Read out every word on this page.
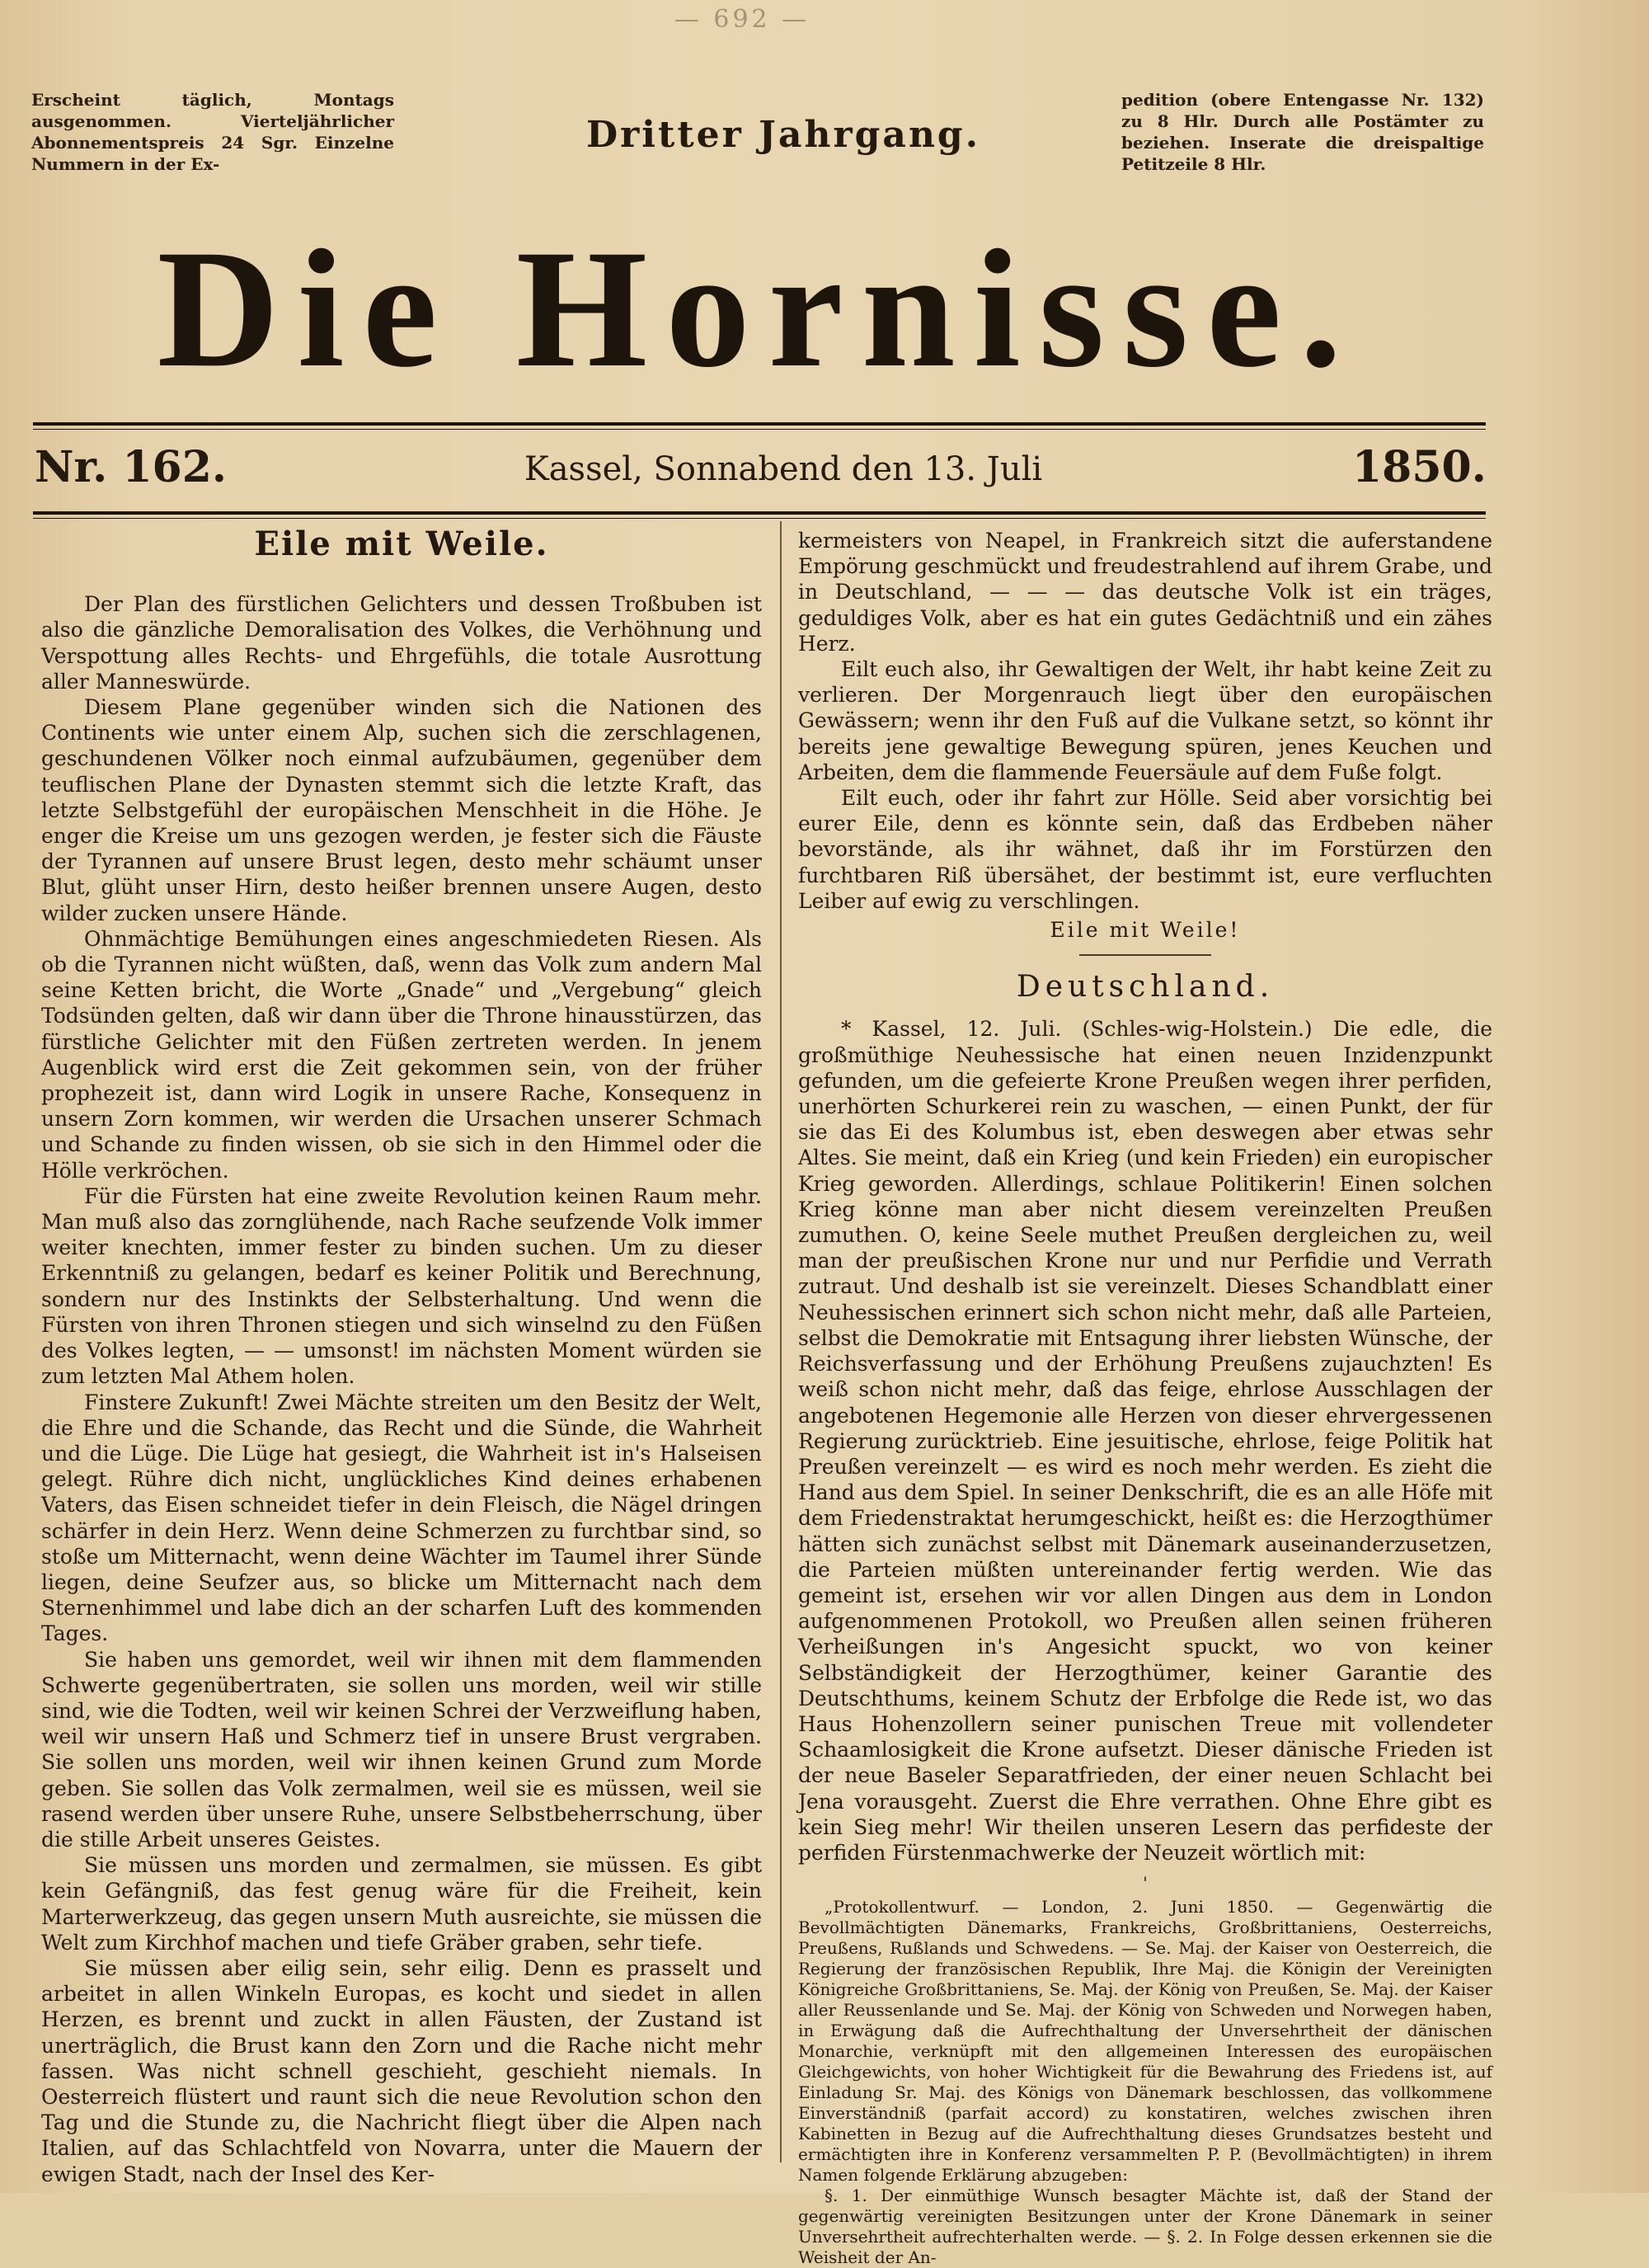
— 692 —
Erscheint täglich, Montags ausgenommen. Vierteljährlicher Abonnementspreis 24 Sgr. Einzelne Nummern in der Ex-
Dritter Jahrgang.
pedition (obere Entengasse Nr. 132) zu 8 Hlr. Durch alle Postämter zu beziehen. Inserate die dreispaltige Petitzeile 8 Hlr.
Die Hornisse.
Nr. 162.	Kassel, Sonnabend den 13. Juli	1850.
Eile mit Weile.

Der Plan des fürstlichen Gelichters und dessen Troßbuben ist also die gänzliche Demoralisation des Volkes, die Verhöhnung und Verspottung alles Rechts- und Ehrgefühls, die totale Ausrottung aller Manneswürde.

Diesem Plane gegenüber winden sich die Nationen des Continents wie unter einem Alp, suchen sich die zerschlagenen, geschundenen Völker noch einmal aufzubäumen, gegenüber dem teuflischen Plane der Dynasten stemmt sich die letzte Kraft, das letzte Selbstgefühl der europäischen Menschheit in die Höhe. Je enger die Kreise um uns gezogen werden, je fester sich die Fäuste der Tyrannen auf unsere Brust legen, desto mehr schäumt unser Blut, glüht unser Hirn, desto heißer brennen unsere Augen, desto wilder zucken unsere Hände.

Ohnmächtige Bemühungen eines angeschmiedeten Riesen. Als ob die Tyrannen nicht wüßten, daß, wenn das Volk zum andern Mal seine Ketten bricht, die Worte „Gnade“ und „Vergebung“ gleich Todsünden gelten, daß wir dann über die Throne hinausstürzen, das fürstliche Gelichter mit den Füßen zertreten werden. In jenem Augenblick wird erst die Zeit gekommen sein, von der früher prophezeit ist, dann wird Logik in unsere Rache, Konsequenz in unsern Zorn kommen, wir werden die Ursachen unserer Schmach und Schande zu finden wissen, ob sie sich in den Himmel oder die Hölle verkröchen.

Für die Fürsten hat eine zweite Revolution keinen Raum mehr. Man muß also das zornglühende, nach Rache seufzende Volk immer weiter knechten, immer fester zu binden suchen. Um zu dieser Erkenntniß zu gelangen, bedarf es keiner Politik und Berechnung, sondern nur des Instinkts der Selbsterhaltung. Und wenn die Fürsten von ihren Thronen stiegen und sich winselnd zu den Füßen des Volkes legten, — — umsonst! im nächsten Moment würden sie zum letzten Mal Athem holen.

Finstere Zukunft! Zwei Mächte streiten um den Besitz der Welt, die Ehre und die Schande, das Recht und die Sünde, die Wahrheit und die Lüge. Die Lüge hat gesiegt, die Wahrheit ist in's Halseisen gelegt. Rühre dich nicht, unglückliches Kind deines erhabenen Vaters, das Eisen schneidet tiefer in dein Fleisch, die Nägel dringen schärfer in dein Herz. Wenn deine Schmerzen zu furchtbar sind, so stoße um Mitternacht, wenn deine Wächter im Taumel ihrer Sünde liegen, deine Seufzer aus, so blicke um Mitternacht nach dem Sternenhimmel und labe dich an der scharfen Luft des kommenden Tages.

Sie haben uns gemordet, weil wir ihnen mit dem flammenden Schwerte gegenübertraten, sie sollen uns morden, weil wir stille sind, wie die Todten, weil wir keinen Schrei der Verzweiflung haben, weil wir unsern Haß und Schmerz tief in unsere Brust vergraben. Sie sollen uns morden, weil wir ihnen keinen Grund zum Morde geben. Sie sollen das Volk zermalmen, weil sie es müssen, weil sie rasend werden über unsere Ruhe, unsere Selbstbeherrschung, über die stille Arbeit unseres Geistes.

Sie müssen uns morden und zermalmen, sie müssen. Es gibt kein Gefängniß, das fest genug wäre für die Freiheit, kein Marterwerkzeug, das gegen unsern Muth ausreichte, sie müssen die Welt zum Kirchhof machen und tiefe Gräber graben, sehr tiefe.

Sie müssen aber eilig sein, sehr eilig. Denn es prasselt und arbeitet in allen Winkeln Europas, es kocht und siedet in allen Herzen, es brennt und zuckt in allen Fäusten, der Zustand ist unerträglich, die Brust kann den Zorn und die Rache nicht mehr fassen. Was nicht schnell geschieht, geschieht niemals. In Oesterreich flüstert und raunt sich die neue Revolution schon den Tag und die Stunde zu, die Nachricht fliegt über die Alpen nach Italien, auf das Schlachtfeld von Novarra, unter die Mauern der ewigen Stadt, nach der Insel des Ker-

kermeisters von Neapel, in Frankreich sitzt die auferstandene Empörung geschmückt und freudestrahlend auf ihrem Grabe, und in Deutschland, — — — das deutsche Volk ist ein träges, geduldiges Volk, aber es hat ein gutes Gedächtniß und ein zähes Herz.

Eilt euch also, ihr Gewaltigen der Welt, ihr habt keine Zeit zu verlieren. Der Morgenrauch liegt über den europäischen Gewässern; wenn ihr den Fuß auf die Vulkane setzt, so könnt ihr bereits jene gewaltige Bewegung spüren, jenes Keuchen und Arbeiten, dem die flammende Feuersäule auf dem Fuße folgt.

Eilt euch, oder ihr fahrt zur Hölle. Seid aber vorsichtig bei eurer Eile, denn es könnte sein, daß das Erdbeben näher bevorstände, als ihr wähnet, daß ihr im Forstürzen den furchtbaren Riß übersähet, der bestimmt ist, eure verfluchten Leiber auf ewig zu verschlingen.

Eile mit Weile!
Deutschland.

* Kassel, 12. Juli. (Schles-wig-Holstein.) Die edle, die großmüthige Neuhessische hat einen neuen Inzidenzpunkt gefunden, um die gefeierte Krone Preußen wegen ihrer perfiden, unerhörten Schurkerei rein zu waschen, — einen Punkt, der für sie das Ei des Kolumbus ist, eben deswegen aber etwas sehr Altes. Sie meint, daß ein Krieg (und kein Frieden) ein europischer Krieg geworden. Allerdings, schlaue Politikerin! Einen solchen Krieg könne man aber nicht diesem vereinzelten Preußen zumuthen. O, keine Seele muthet Preußen dergleichen zu, weil man der preußischen Krone nur und nur Perfidie und Verrath zutraut. Und deshalb ist sie vereinzelt. Dieses Schandblatt einer Neuhessischen erinnert sich schon nicht mehr, daß alle Parteien, selbst die Demokratie mit Entsagung ihrer liebsten Wünsche, der Reichsverfassung und der Erhöhung Preußens zujauchzten! Es weiß schon nicht mehr, daß das feige, ehrlose Ausschlagen der angebotenen Hegemonie alle Herzen von dieser ehrvergessenen Regierung zurücktrieb. Eine jesuitische, ehrlose, feige Politik hat Preußen vereinzelt — es wird es noch mehr werden. Es zieht die Hand aus dem Spiel. In seiner Denkschrift, die es an alle Höfe mit dem Friedenstraktat herumgeschickt, heißt es: die Herzogthümer hätten sich zunächst selbst mit Dänemark auseinanderzusetzen, die Parteien müßten untereinander fertig werden. Wie das gemeint ist, ersehen wir vor allen Dingen aus dem in London aufgenommenen Protokoll, wo Preußen allen seinen früheren Verheißungen in's Angesicht spuckt, wo von keiner Selbständigkeit der Herzogthümer, keiner Garantie des Deutschthums, keinem Schutz der Erbfolge die Rede ist, wo das Haus Hohenzollern seiner punischen Treue mit vollendeter Schaamlosigkeit die Krone aufsetzt. Dieser dänische Frieden ist der neue Baseler Separatfrieden, der einer neuen Schlacht bei Jena vorausgeht. Zuerst die Ehre verrathen. Ohne Ehre gibt es kein Sieg mehr! Wir theilen unseren Lesern das perfideste der perfiden Fürstenmachwerke der Neuzeit wörtlich mit:

'

„Protokollentwurf. — London, 2. Juni 1850. — Gegenwärtig die Bevollmächtigten Dänemarks, Frankreichs, Großbrittaniens, Oesterreichs, Preußens, Rußlands und Schwedens. — Se. Maj. der Kaiser von Oesterreich, die Regierung der französischen Republik, Ihre Maj. die Königin der Vereinigten Königreiche Großbrittaniens, Se. Maj. der König von Preußen, Se. Maj. der Kaiser aller Reussenlande und Se. Maj. der König von Schweden und Norwegen haben, in Erwägung daß die Aufrechthaltung der Unversehrtheit der dänischen Monarchie, verknüpft mit den allgemeinen Interessen des europäischen Gleichgewichts, von hoher Wichtigkeit für die Bewahrung des Friedens ist, auf Einladung Sr. Maj. des Königs von Dänemark beschlossen, das vollkommene Einverständniß (parfait accord) zu konstatiren, welches zwischen ihren Kabinetten in Bezug auf die Aufrechthaltung dieses Grundsatzes besteht und ermächtigten ihre in Konferenz versammelten P. P. (Bevollmächtigten) in ihrem Namen folgende Erklärung abzugeben:

§. 1. Der einmüthige Wunsch besagter Mächte ist, daß der Stand der gegenwärtig vereinigten Besitzungen unter der Krone Dänemark in seiner Unversehrtheit aufrechterhalten werde. — §. 2. In Folge dessen erkennen sie die Weisheit der An-
